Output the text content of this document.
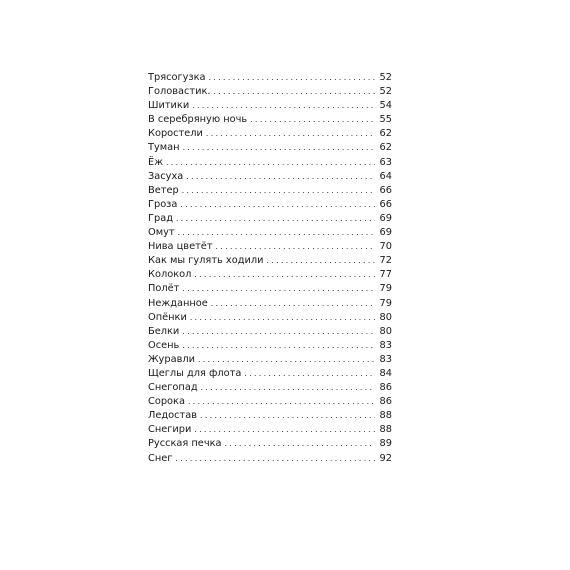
Трясогузка . . .	52
Головастик. . . .	52
Шитики . . .	54
В серебряную ночь . . .	55
Коростели . . .	62
Туман . . .	62
Ёж . . .	63
Засуха . . .	64
Ветер . . .	66
Гроза . . .	66
Град . . .	69
Омут . . .	69
Нива цветёт . . .	70
Как мы гулять ходили . . .	72
Колокол . . .	77
Полёт . . .	79
Нежданное . . .	79
Опёнки . . .	80
Белки . . .	80
Осень . . .	83
Журавли . . .	83
Щеглы для флота . . .	84
Снегопад . . .	86
Сорока . . .	86
Ледостав . . .	88
Снегири . . .	88
Русская печка . . .	89
Снег . . .	92
